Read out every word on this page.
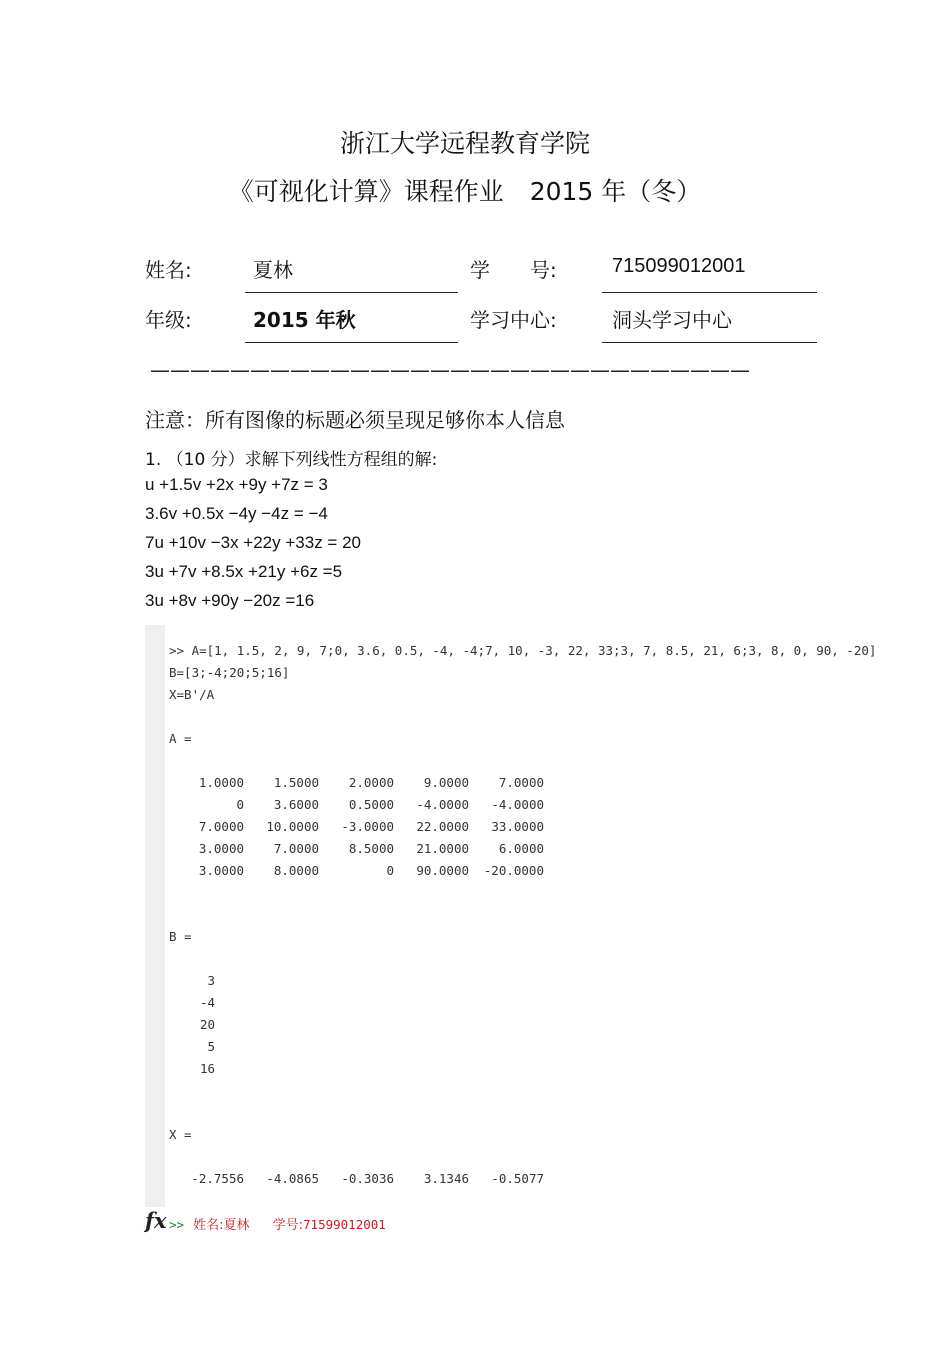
浙江大学远程教育学院
《可视化计算》课程作业 2015 年（冬）
姓名:	夏林	学　　号:	715099012001
年级:	2015 年秋	学习中心:	洞头学习中心
——————————————————————————————
注意：所有图像的标题必须呈现足够你本人信息
1. （10 分）求解下列线性方程组的解:
u +1.5v +2x +9y +7z = 3
3.6v +0.5x −4y −4z = −4
7u +10v −3x +22y +33z = 20
3u +7v +8.5x +21y +6z =5
3u +8v +90y −20z =16
>> A=[1, 1.5, 2, 9, 7;0, 3.6, 0.5, -4, -4;7, 10, -3, 22, 33;3, 7, 8.5, 21, 6;3, 8, 0, 90, -20]
B=[3;-4;20;5;16]
X=B'/A
A =
1.0000 1.5000 2.0000 9.0000 7.0000
0 3.6000 0.5000 -4.0000 -4.0000
7.0000 10.0000 -3.0000 22.0000 33.0000
3.0000 7.0000 8.5000 21.0000 6.0000
3.0000 8.0000	0 90.0000 -20.0000
B =
3
-4
20
5
16
X =
-2.7556 -4.0865 -0.3036 3.1346 -0.5077
fx >> 姓名:夏林 学号:71599012001
